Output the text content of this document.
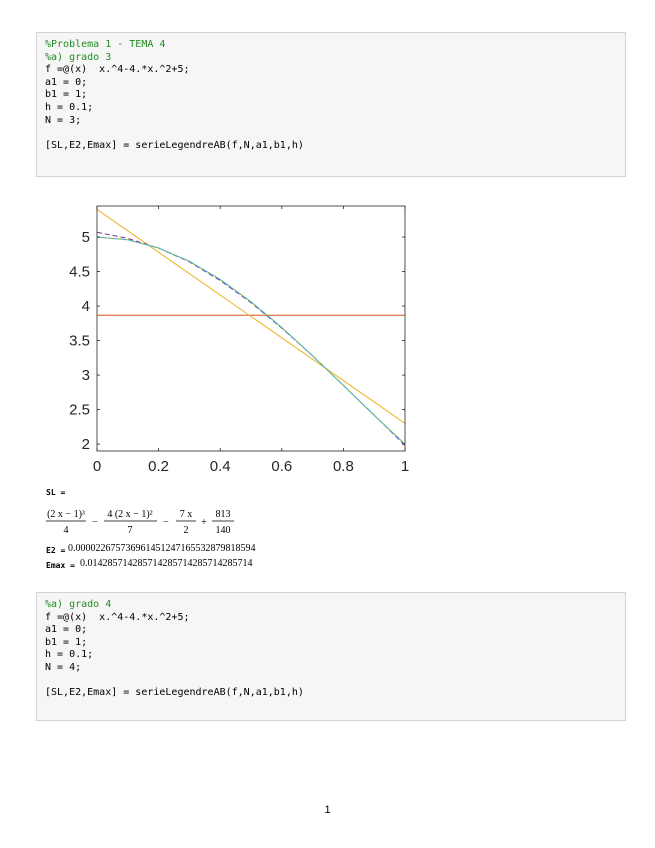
%Problema 1 - TEMA 4
%a) grado 3
f =@(x)  x.^4-4.*x.^2+5;
a1 = 0;
b1 = 1;
h = 0.1;
N = 3;

[SL,E2,Emax] = serieLegendreAB(f,N,a1,b1,h)
0	0.2	0.4	0.6	0.8	1
2
2.5
3
3.5
4
4.5
5
SL =
(2 x − 1)³
4
−
4 (2 x − 1)²
7
−
7 x
2
+
813
140
E2 = 0.00002267573696145124716553287981859​4
Emax = 0.014285714285714285714285714285714
%a) grado 4
f =@(x)  x.^4-4.*x.^2+5;
a1 = 0;
b1 = 1;
h = 0.1;
N = 4;

[SL,E2,Emax] = serieLegendreAB(f,N,a1,b1,h)
1
